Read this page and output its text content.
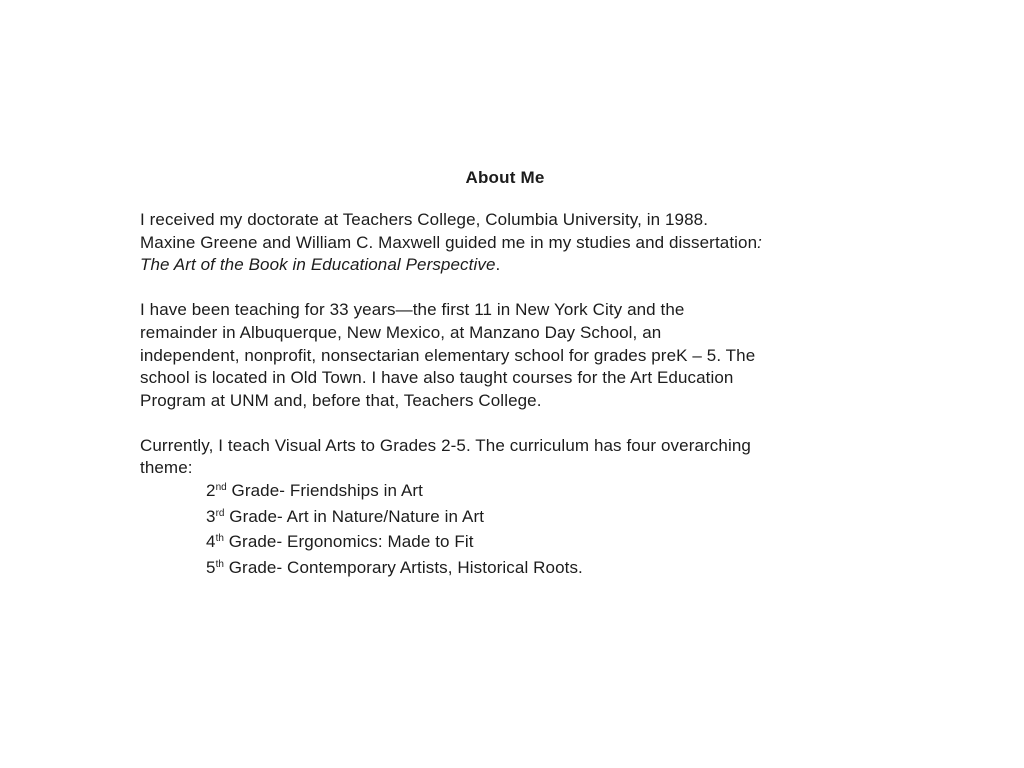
About Me
I received my doctorate at Teachers College, Columbia University, in 1988.
Maxine Greene and William C. Maxwell guided me in my studies and dissertation:
The Art of the Book in Educational Perspective.
I have been teaching for 33 years—the first 11 in New York City and the
remainder in Albuquerque, New Mexico, at Manzano Day School, an
independent, nonprofit, nonsectarian elementary school for grades preK – 5. The
school is located in Old Town. I have also taught courses for the Art Education
Program at UNM and, before that, Teachers College.
Currently, I teach Visual Arts to Grades 2-5. The curriculum has four overarching
theme:
2nd Grade- Friendships in Art
3rd Grade- Art in Nature/Nature in Art
4th Grade- Ergonomics: Made to Fit
5th Grade- Contemporary Artists, Historical Roots.
